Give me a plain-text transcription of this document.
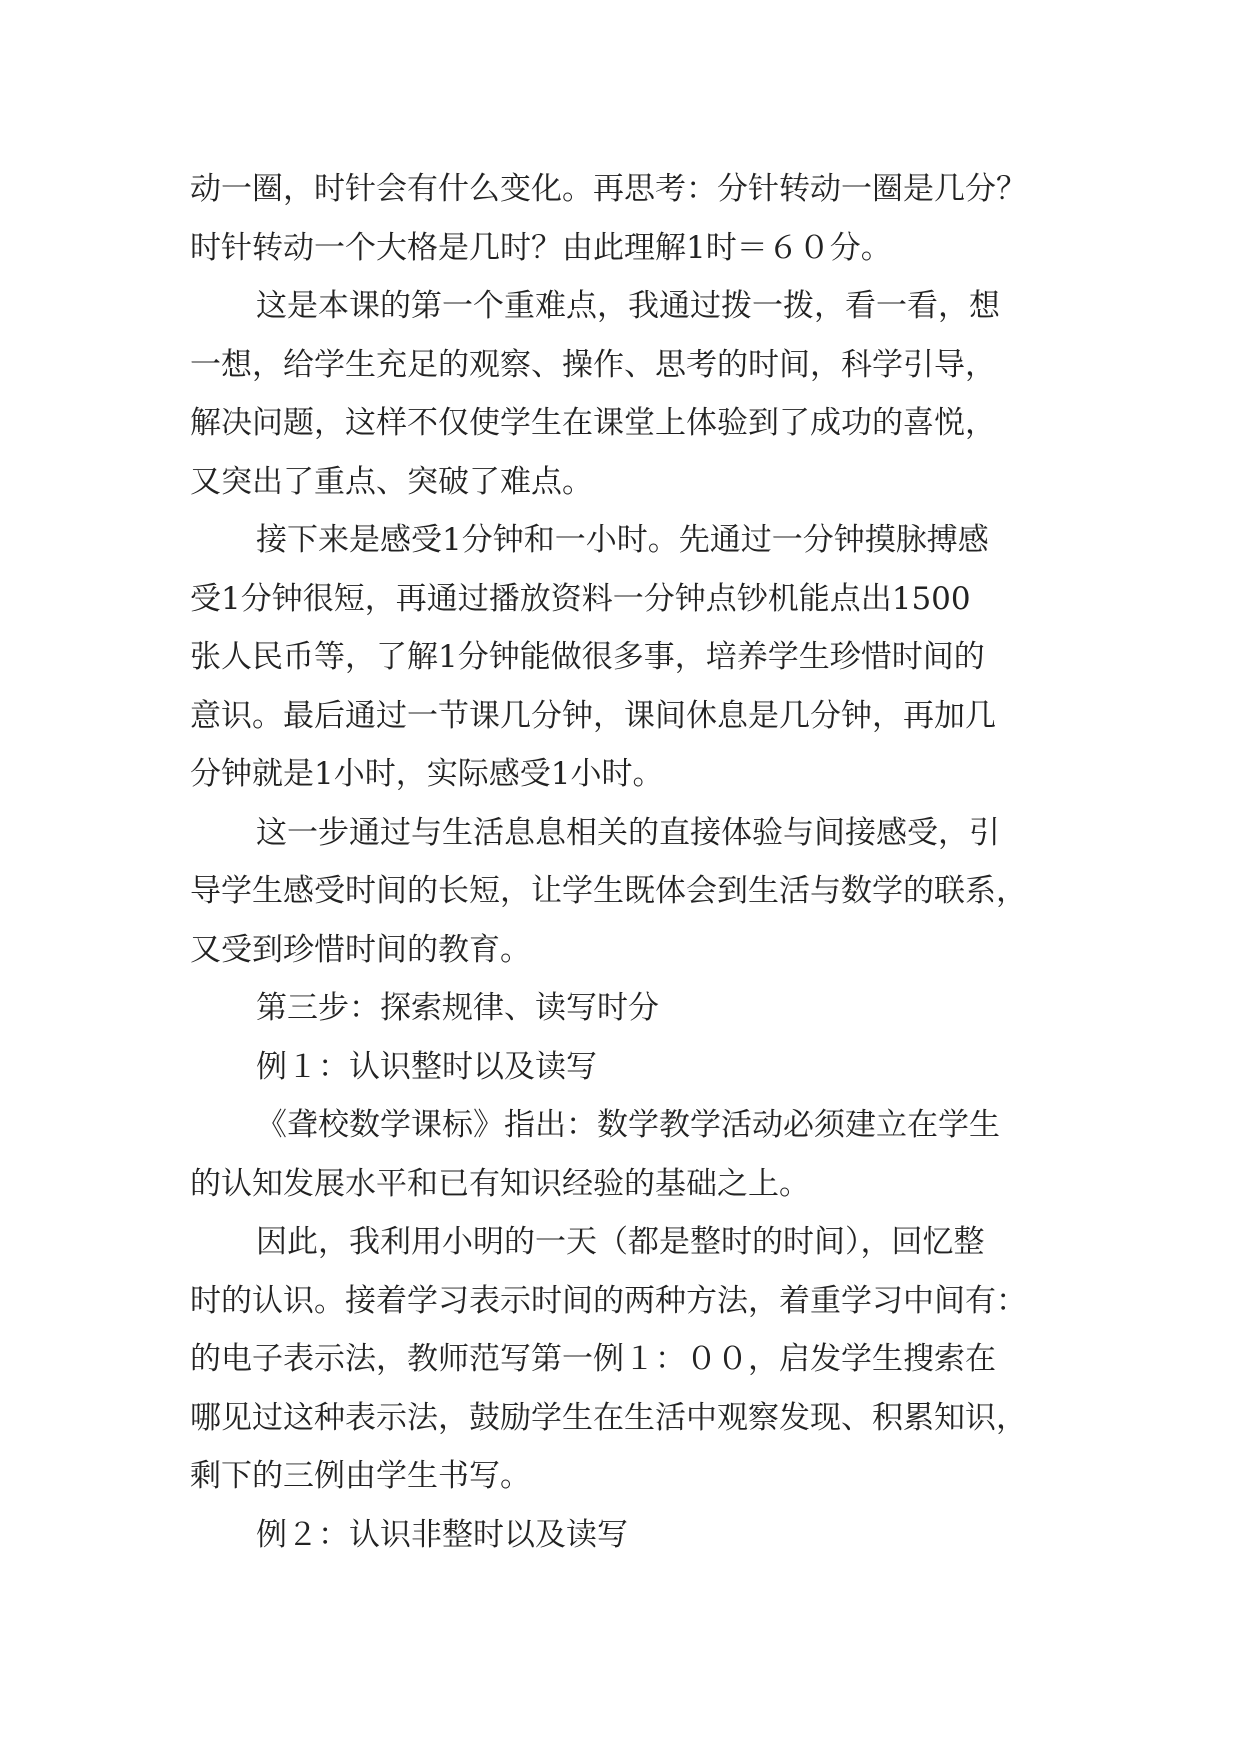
动一圈，时针会有什么变化。再思考：分针转动一圈是几分？
时针转动一个大格是几时？由此理解1时＝６０分。
这是本课的第一个重难点，我通过拨一拨，看一看，想
一想，给学生充足的观察、操作、思考的时间，科学引导，
解决问题，这样不仅使学生在课堂上体验到了成功的喜悦，
又突出了重点、突破了难点。
接下来是感受1分钟和一小时。先通过一分钟摸脉搏感
受1分钟很短，再通过播放资料一分钟点钞机能点出1500
张人民币等，了解1分钟能做很多事，培养学生珍惜时间的
意识。最后通过一节课几分钟，课间休息是几分钟，再加几
分钟就是1小时，实际感受1小时。
这一步通过与生活息息相关的直接体验与间接感受，引
导学生感受时间的长短，让学生既体会到生活与数学的联系，
又受到珍惜时间的教育。
第三步：探索规律、读写时分
例１：认识整时以及读写
《聋校数学课标》指出：数学教学活动必须建立在学生
的认知发展水平和已有知识经验的基础之上。
因此，我利用小明的一天（都是整时的时间），回忆整
时的认识。接着学习表示时间的两种方法，着重学习中间有：
的电子表示法，教师范写第一例１：００，启发学生搜索在
哪见过这种表示法，鼓励学生在生活中观察发现、积累知识，
剩下的三例由学生书写。
例２：认识非整时以及读写
